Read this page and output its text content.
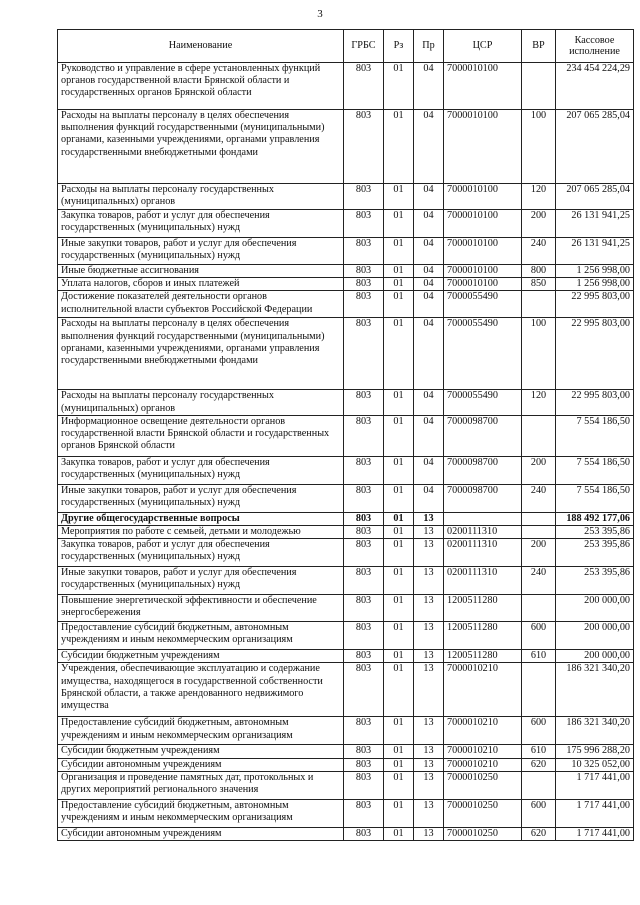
3
Наименование	ГРБС	Рз	Пр	ЦСР	ВР	Кассовое
исполнение
Руководство и управление в сфере установленных функций органов государственной власти Брянской области и государственных органов Брянской области	803	01	04	7000010100		234 454 224,29
Расходы на выплаты персоналу в целях обеспечения выполнения функций государственными (муниципальными) органами, казенными учреждениями, органами управления государственными внебюджетными фондами	803	01	04	7000010100	100	207 065 285,04
Расходы на выплаты персоналу государственных (муниципальных) органов	803	01	04	7000010100	120	207 065 285,04
Закупка товаров, работ и услуг для обеспечения государственных (муниципальных) нужд	803	01	04	7000010100	200	26 131 941,25
Иные закупки товаров, работ и услуг для обеспечения государственных (муниципальных) нужд	803	01	04	7000010100	240	26 131 941,25
Иные бюджетные ассигнования	803	01	04	7000010100	800	1 256 998,00
Уплата налогов, сборов и иных платежей	803	01	04	7000010100	850	1 256 998,00
Достижение показателей деятельности органов исполнительной власти субъектов Российской Федерации	803	01	04	7000055490		22 995 803,00
Расходы на выплаты персоналу в целях обеспечения выполнения функций государственными (муниципальными) органами, казенными учреждениями, органами управления государственными внебюджетными фондами	803	01	04	7000055490	100	22 995 803,00
Расходы на выплаты персоналу государственных (муниципальных) органов	803	01	04	7000055490	120	22 995 803,00
Информационное освещение деятельности органов государственной власти Брянской области и государственных органов Брянской области	803	01	04	7000098700		7 554 186,50
Закупка товаров, работ и услуг для обеспечения государственных (муниципальных) нужд	803	01	04	7000098700	200	7 554 186,50
Иные закупки товаров, работ и услуг для обеспечения государственных (муниципальных) нужд	803	01	04	7000098700	240	7 554 186,50
Другие общегосударственные вопросы	803	01	13			188 492 177,06
Мероприятия по работе с семьей, детьми и молодежью	803	01	13	0200111310		253 395,86
Закупка товаров, работ и услуг для обеспечения государственных (муниципальных) нужд	803	01	13	0200111310	200	253 395,86
Иные закупки товаров, работ и услуг для обеспечения государственных (муниципальных) нужд	803	01	13	0200111310	240	253 395,86
Повышение энергетической эффективности и обеспечение энергосбережения	803	01	13	1200511280		200 000,00
Предоставление субсидий бюджетным, автономным учреждениям и иным некоммерческим организациям	803	01	13	1200511280	600	200 000,00
Субсидии бюджетным учреждениям	803	01	13	1200511280	610	200 000,00
Учреждения, обеспечивающие эксплуатацию и содержание имущества, находящегося в государственной собственности Брянской области, а также арендованного недвижимого имущества	803	01	13	7000010210		186 321 340,20
Предоставление субсидий бюджетным, автономным учреждениям и иным некоммерческим организациям	803	01	13	7000010210	600	186 321 340,20
Субсидии бюджетным учреждениям	803	01	13	7000010210	610	175 996 288,20
Субсидии автономным учреждениям	803	01	13	7000010210	620	10 325 052,00
Организация и проведение памятных дат, протокольных и других мероприятий регионального значения	803	01	13	7000010250		1 717 441,00
Предоставление субсидий бюджетным, автономным учреждениям и иным некоммерческим организациям	803	01	13	7000010250	600	1 717 441,00
Субсидии автономным учреждениям	803	01	13	7000010250	620	1 717 441,00
